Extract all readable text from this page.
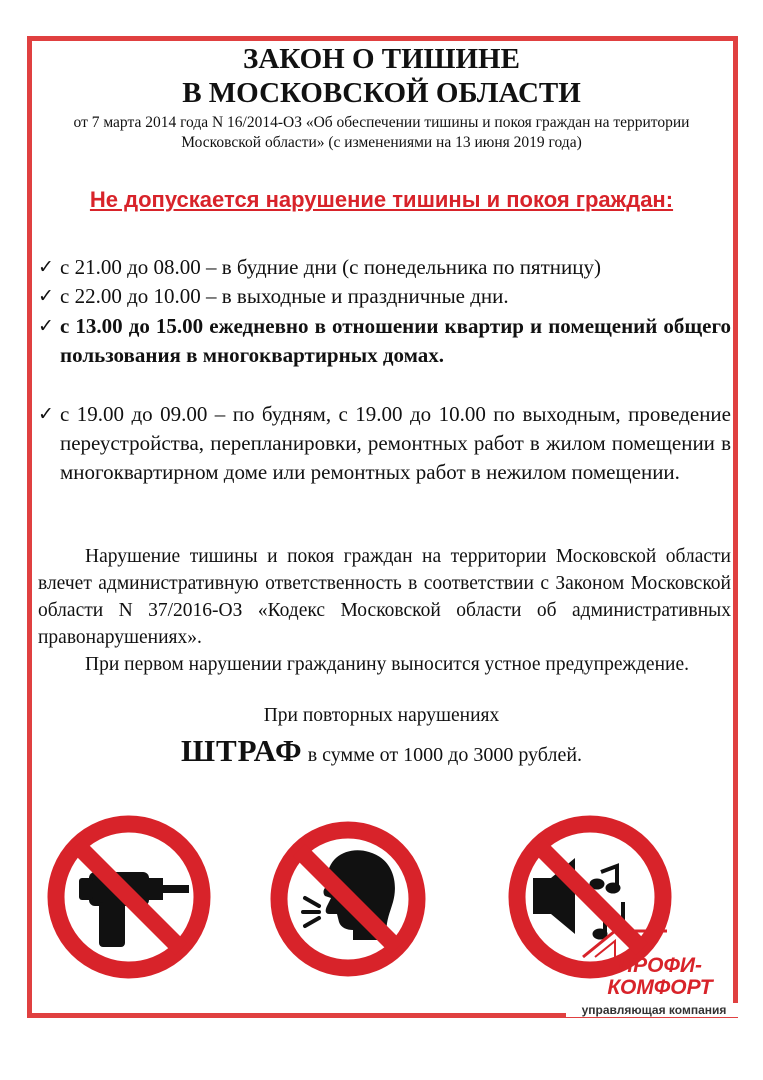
ЗАКОН О ТИШИНЕ
В МОСКОВСКОЙ ОБЛАСТИ
от 7 марта 2014 года N 16/2014-ОЗ «Об обеспечении тишины и покоя граждан на территории Московской области» (с изменениями на 13 июня 2019 года)
Не допускается нарушение тишины и покоя граждан:
✓ с 21.00 до 08.00 – в будние дни (с понедельника по пятницу)
✓ с 22.00 до 10.00 – в выходные и праздничные дни.
✓ с 13.00 до 15.00 ежедневно в отношении квартир и помещений общего пользования в многоквартирных домах.
✓ с 19.00 до 09.00 – по будням, с 19.00 до 10.00 по выходным, проведение переустройства, перепланировки, ремонтных работ в жилом помещении в многоквартирном доме или ремонтных работ в нежилом помещении.
Нарушение тишины и покоя граждан на территории Московской области влечет административную ответственность в соответствии с Законом Московской области N 37/2016-ОЗ «Кодекс Московской области об административных правонарушениях».
При первом нарушении гражданину выносится устное предупреждение.
При повторных нарушениях
ШТРАФ в сумме от 1000 до 3000 рублей.
ПРОФИ-
КОМФОРТ
управляющая компания
